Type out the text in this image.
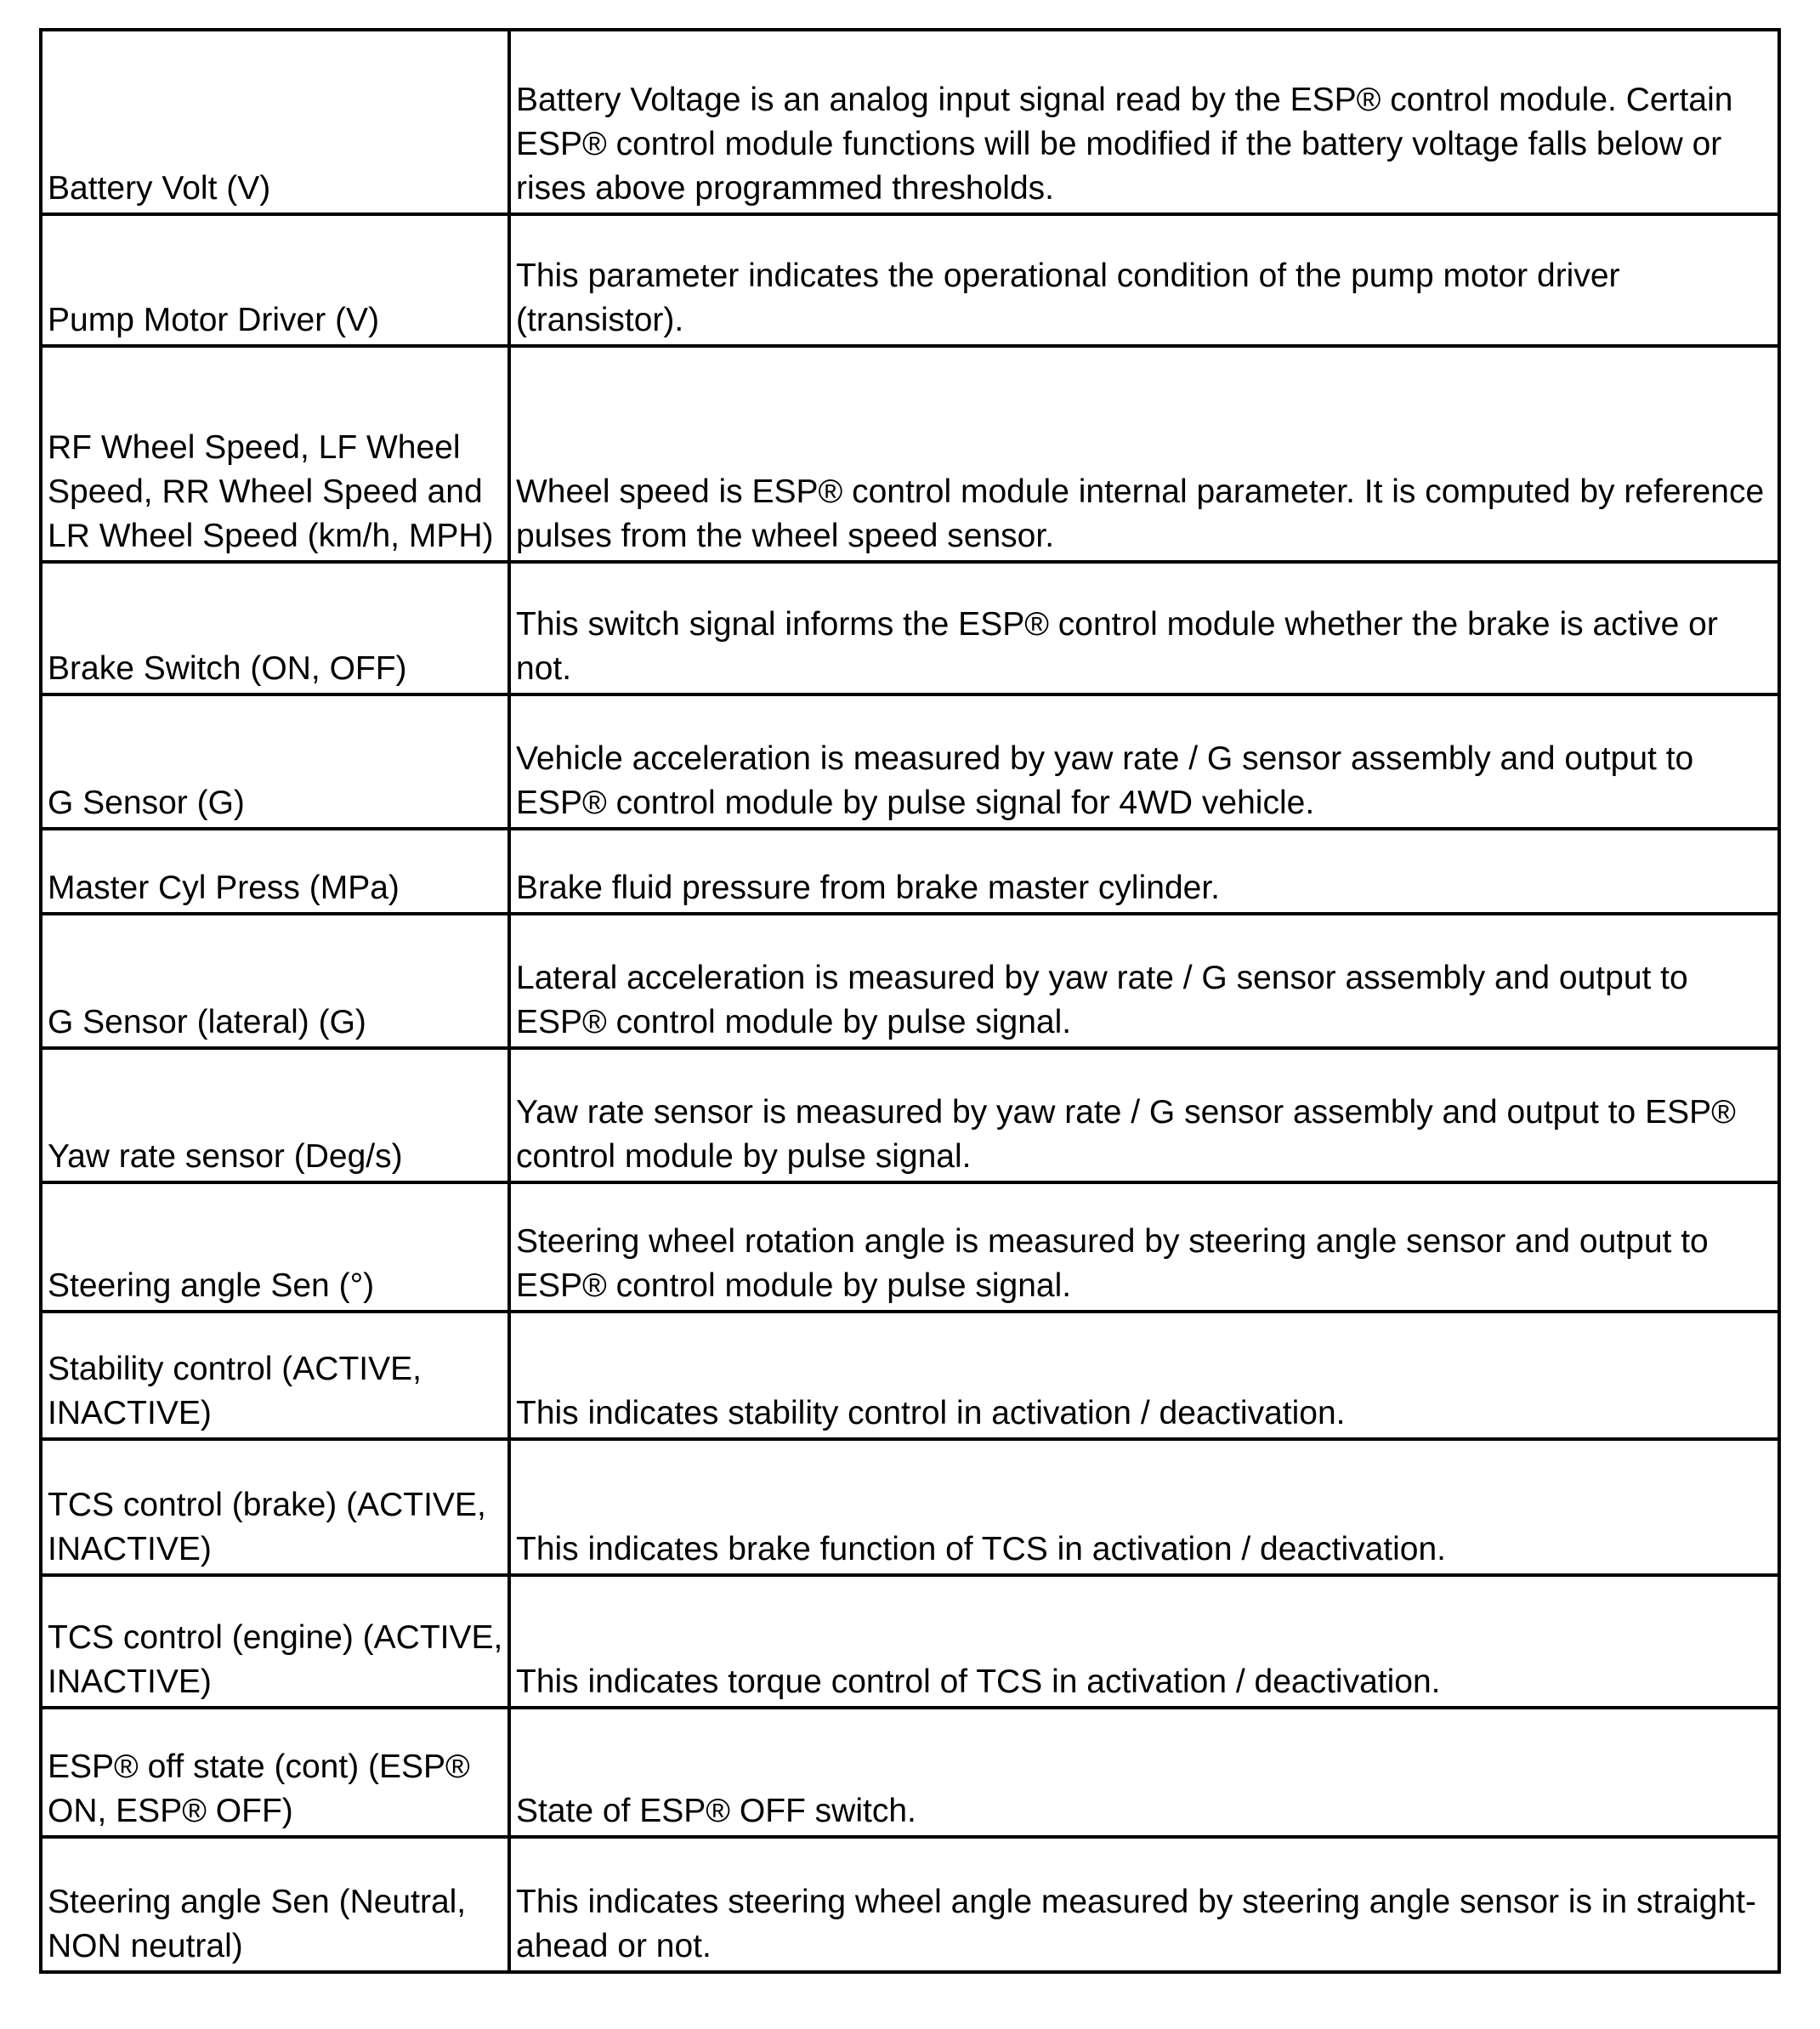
Battery Volt (V)	Battery Voltage is an analog input signal read by the ESP® control module. Certain ESP® control module functions will be modified if the battery voltage falls below or rises above programmed thresholds.
Pump Motor Driver (V)	This parameter indicates the operational condition of the pump motor driver (transistor).
RF Wheel Speed, LF Wheel Speed, RR Wheel Speed and LR Wheel Speed (km/h, MPH)	Wheel speed is ESP® control module internal parameter. It is computed by reference pulses from the wheel speed sensor.
Brake Switch (ON, OFF)	This switch signal informs the ESP® control module whether the brake is active or not.
G Sensor (G)	Vehicle acceleration is measured by yaw rate / G sensor assembly and output to ESP® control module by pulse signal for 4WD vehicle.
Master Cyl Press (MPa)	Brake fluid pressure from brake master cylinder.
G Sensor (lateral) (G)	Lateral acceleration is measured by yaw rate / G sensor assembly and output to ESP® control module by pulse signal.
Yaw rate sensor (Deg/s)	Yaw rate sensor is measured by yaw rate / G sensor assembly and output to ESP® control module by pulse signal.
Steering angle Sen (°)	Steering wheel rotation angle is measured by steering angle sensor and output to ESP® control module by pulse signal.
Stability control (ACTIVE, INACTIVE)	This indicates stability control in activation / deactivation.
TCS control (brake) (ACTIVE, INACTIVE)	This indicates brake function of TCS in activation / deactivation.
TCS control (engine) (ACTIVE, INACTIVE)	This indicates torque control of TCS in activation / deactivation.
ESP® off state (cont) (ESP® ON, ESP® OFF)	State of ESP® OFF switch.
Steering angle Sen (Neutral, NON neutral)	This indicates steering wheel angle measured by steering angle sensor is in straight-ahead or not.
